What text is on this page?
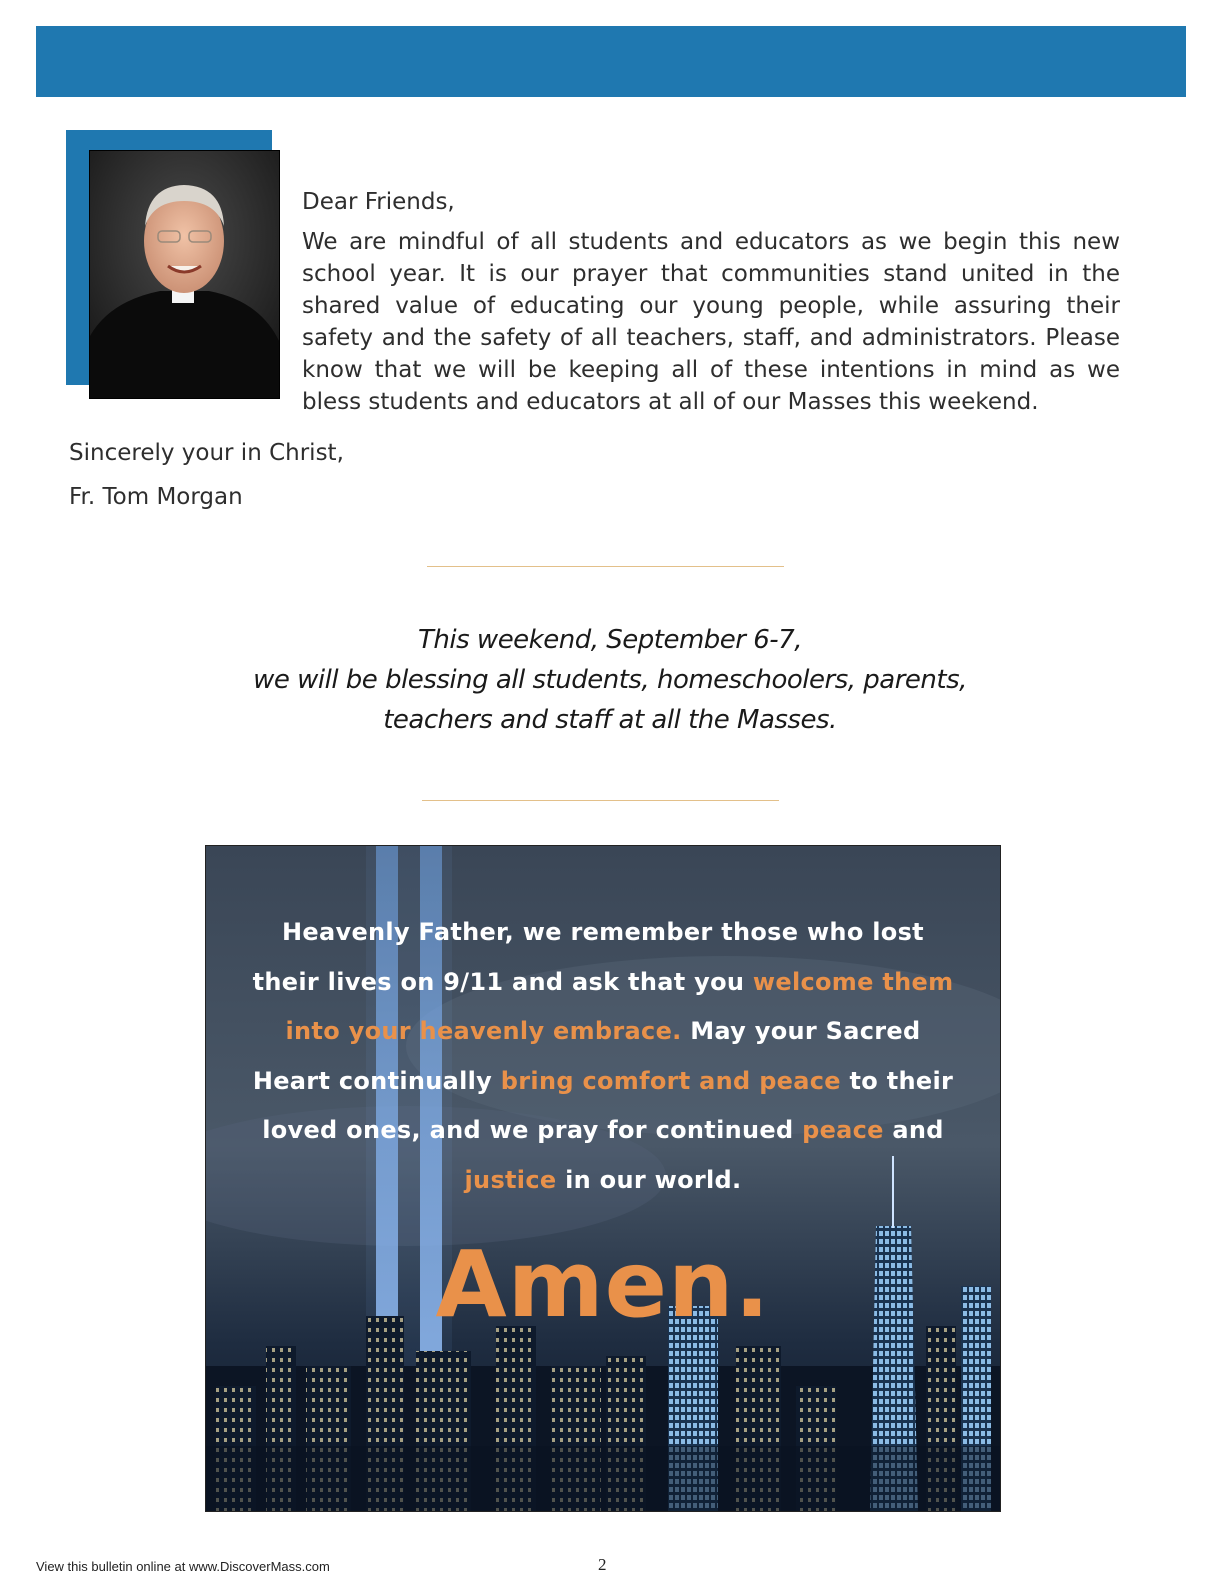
Dear Friends,

We are mindful of all students and educators as we begin this new school year. It is our prayer that communities stand united in the shared value of educating our young people, while assuring their safety and the safety of all teachers, staff, and administrators. Please know that we will be keeping all of these intentions in mind as we bless students and educators at all of our Masses this weekend.

Sincerely your in Christ,

Fr. Tom Morgan

This weekend, September 6-7,

we will be blessing all students, homeschoolers, parents,

teachers and staff at all the Masses.

Heavenly Father, we remember those who lost their lives on 9/11 and ask that you welcome them into your heavenly embrace. May your Sacred Heart continually bring comfort and peace to their loved ones, and we pray for continued peace and justice in our world.
Amen.
View this bulletin online at www.DiscoverMass.com	2
